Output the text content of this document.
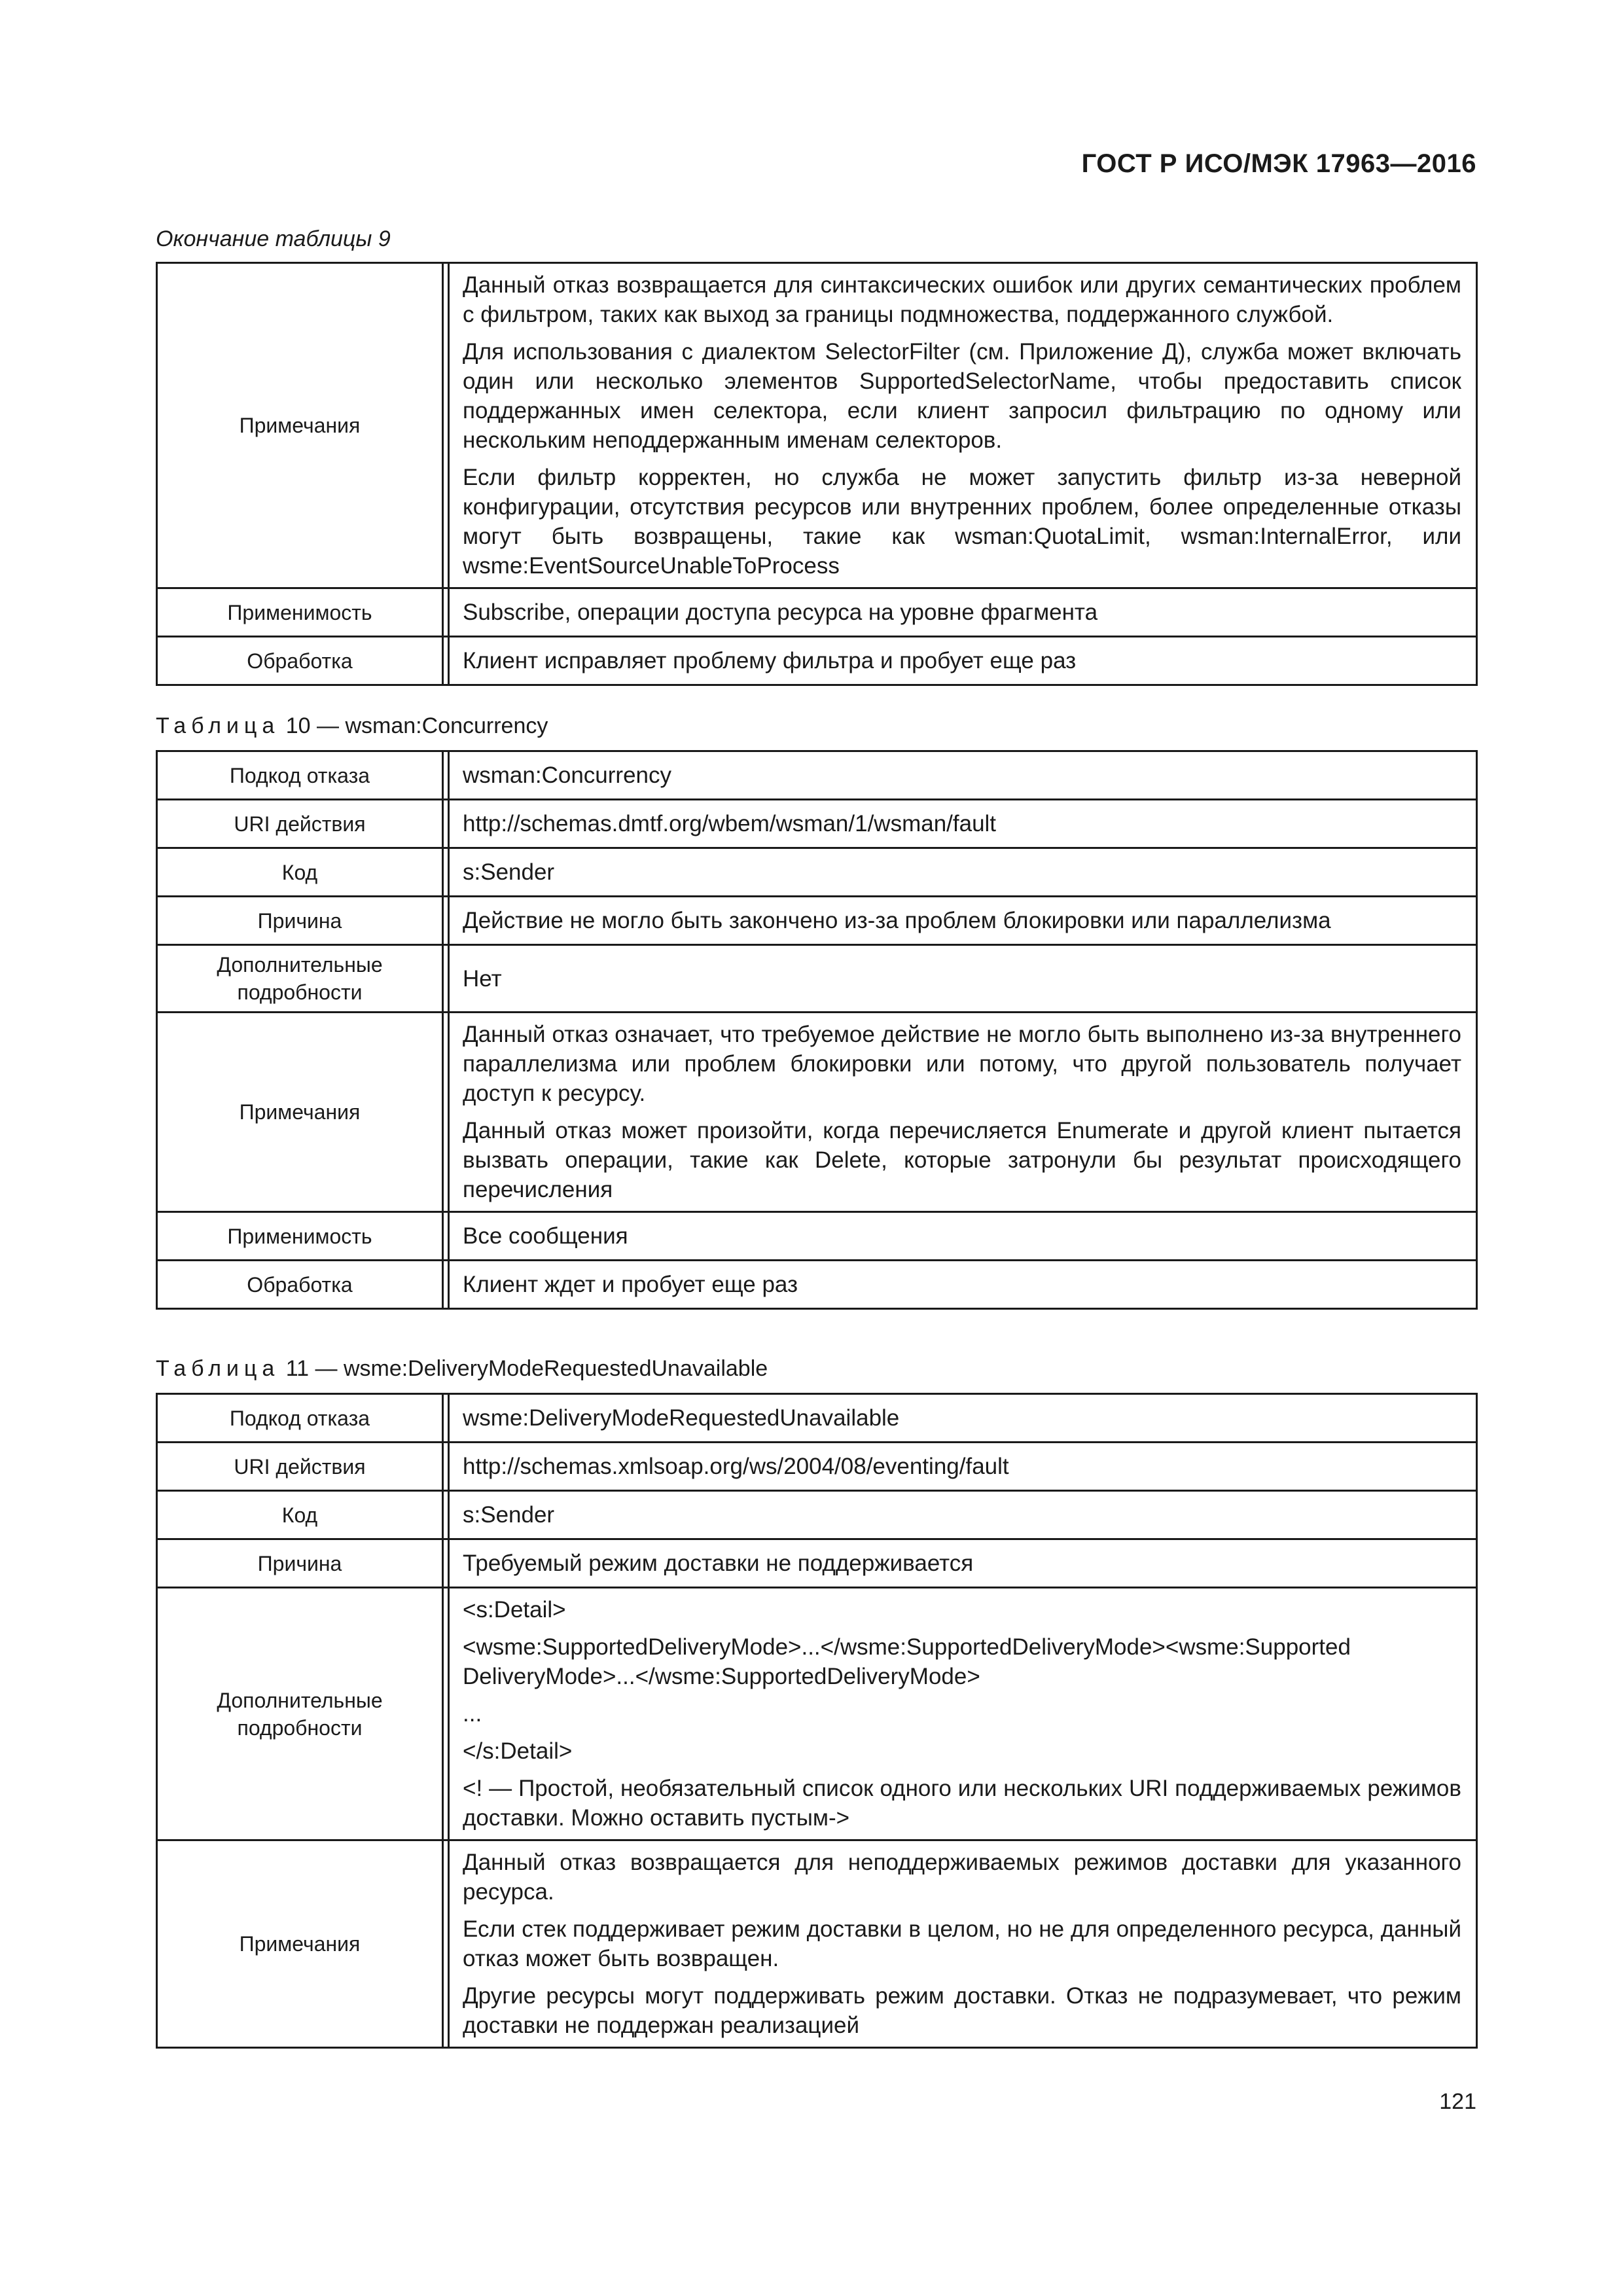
ГОСТ Р ИСО/МЭК 17963—2016
Окончание таблицы 9
Примечания		Данный отказ возвращается для синтаксических ошибок или других семантических проблем с фильтром, таких как выход за границы подмножества, поддержанного службой.

Для использования с диалектом SelectorFilter (см. Приложение Д), служба может включать один или несколько элементов SupportedSelectorName, чтобы предоставить список поддержанных имен селектора, если клиент запросил фильтрацию по одному или нескольким неподдержанным именам селекторов.

Если фильтр корректен, но служба не может запустить фильтр из-за неверной конфигурации, отсутствия ресурсов или внутренних проблем, более определенные отказы могут быть возвращены, такие как wsman:QuotaLimit, wsman:InternalError, или wsme:EventSourceUnableToProcess

Применимость		Subscribe, операции доступа ресурса на уровне фрагмента

Обработка		Клиент исправляет проблему фильтра и пробует еще раз

Таблица 10 — wsman:Concurrency
Подкод отказа		wsman:Concurrency

URI действия		http://schemas.dmtf.org/wbem/wsman/1/wsman/fault

Код		s:Sender

Причина		Действие не могло быть закончено из-за проблем блокировки или параллелизма

Дополнительные подробности		Нет

Примечания		Данный отказ означает, что требуемое действие не могло быть выполнено из-за внутреннего параллелизма или проблем блокировки или потому, что другой пользователь получает доступ к ресурсу.

Данный отказ может произойти, когда перечисляется Enumerate и другой клиент пытается вызвать операции, такие как Delete, которые затронули бы результат происходящего перечисления

Применимость		Все сообщения

Обработка		Клиент ждет и пробует еще раз

Таблица 11 — wsme:DeliveryModeRequestedUnavailable
Подкод отказа		wsme:DeliveryModeRequestedUnavailable

URI действия		http://schemas.xmlsoap.org/ws/2004/08/eventing/fault

Код		s:Sender

Причина		Требуемый режим доставки не поддерживается

Дополнительные подробности		<s:Detail>

<wsme:SupportedDeliveryMode>...</wsme:SupportedDeliveryMode><wsme:Supported DeliveryMode>...</wsme:SupportedDeliveryMode>

...

</s:Detail>

<! — Простой, необязательный список одного или нескольких URI поддерживаемых режимов доставки. Можно оставить пустым->

Примечания		Данный отказ возвращается для неподдерживаемых режимов доставки для указанного ресурса.

Если стек поддерживает режим доставки в целом, но не для определенного ресурса, данный отказ может быть возвращен.

Другие ресурсы могут поддерживать режим доставки. Отказ не подразумевает, что режим доставки не поддержан реализацией

121
